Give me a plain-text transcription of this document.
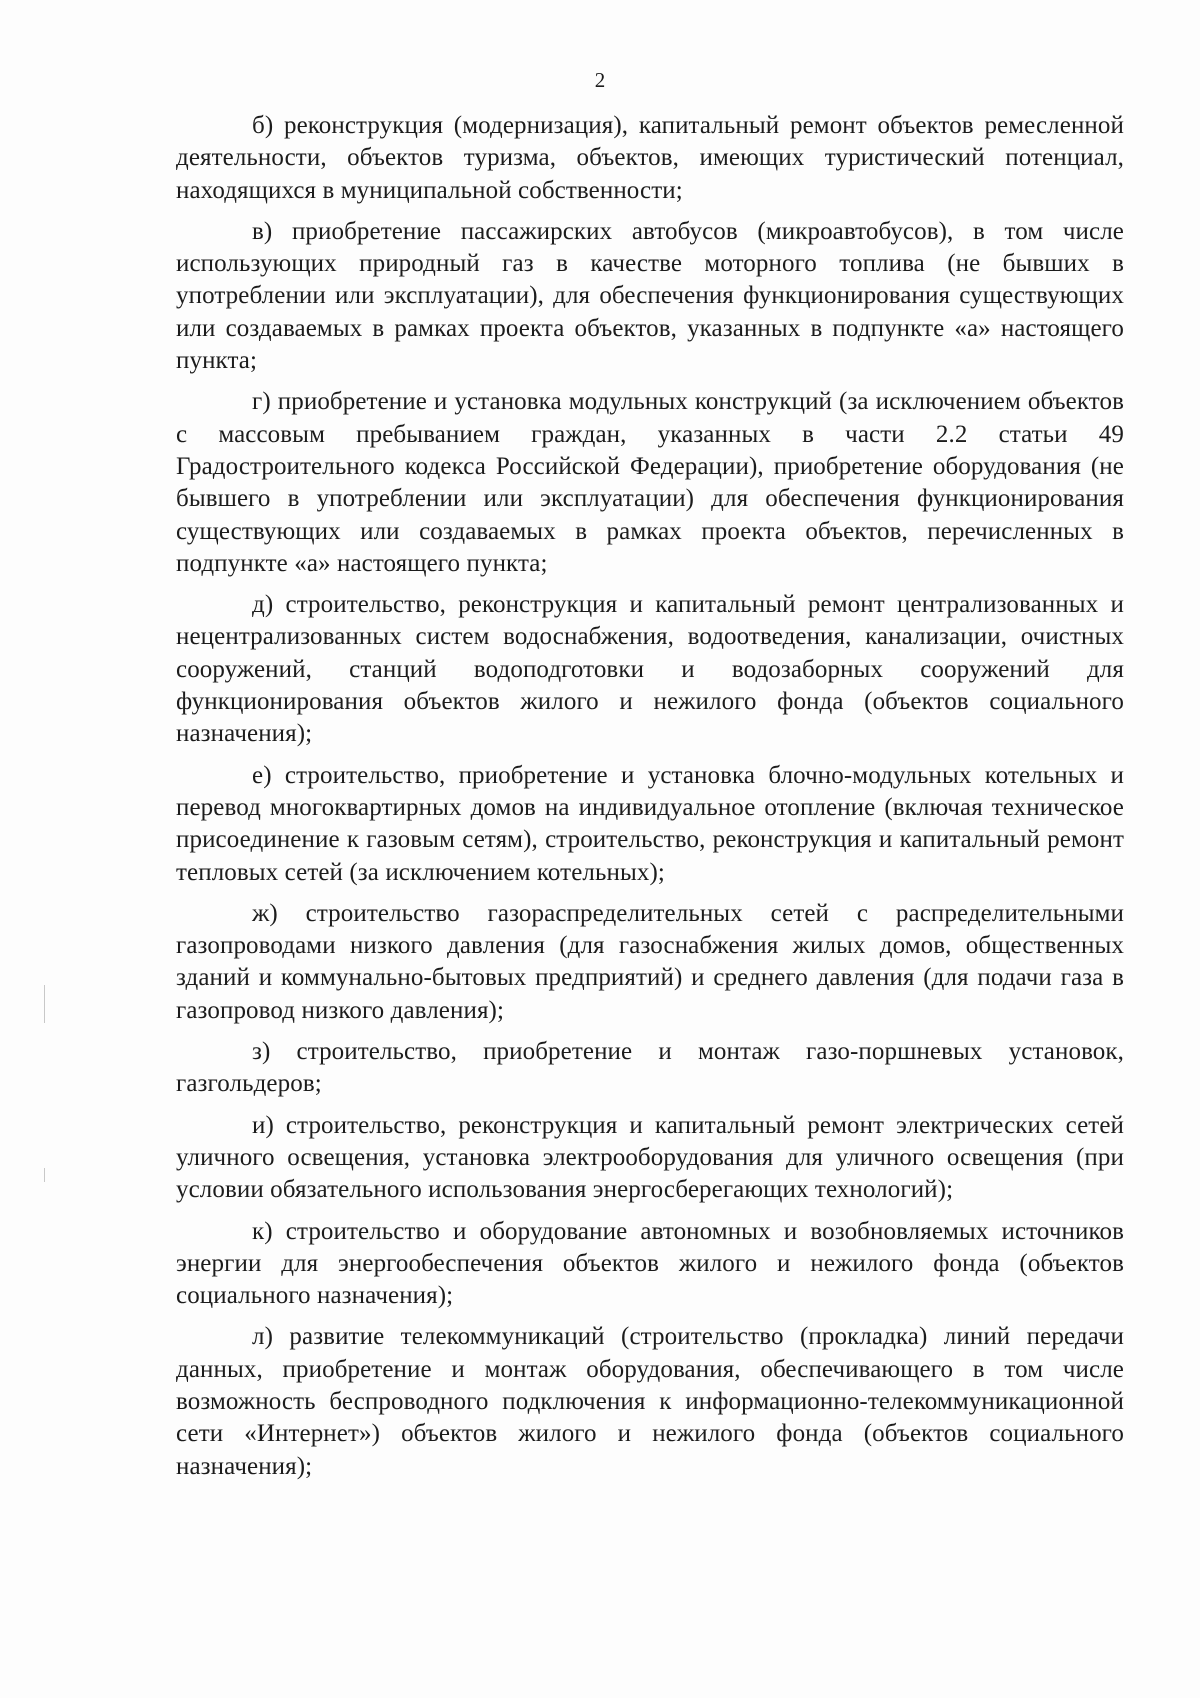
2

б) реконструкция (модернизация), капитальный ремонт объектов ремесленной деятельности, объектов туризма, объектов, имеющих туристический потенциал, находящихся в муниципальной собственности;

в) приобретение пассажирских автобусов (микроавтобусов), в том числе использующих природный газ в качестве моторного топлива (не бывших в употреблении или эксплуатации), для обеспечения функционирования существующих или создаваемых в рамках проекта объектов, указанных в подпункте «а» настоящего пункта;

г) приобретение и установка модульных конструкций (за исключением объектов с массовым пребыванием граждан, указанных в части 2.2 статьи 49 Градостроительного кодекса Российской Федерации), приобретение оборудования (не бывшего в употреблении или эксплуатации) для обеспечения функционирования существующих или создаваемых в рамках проекта объектов, перечисленных в подпункте «а» настоящего пункта;

д) строительство, реконструкция и капитальный ремонт централизованных и нецентрализованных систем водоснабжения, водоотведения, канализации, очистных сооружений, станций водоподготовки и водозаборных сооружений для функционирования объектов жилого и нежилого фонда (объектов социального назначения);

е) строительство, приобретение и установка блочно-модульных котельных и перевод многоквартирных домов на индивидуальное отопление (включая техническое присоединение к газовым сетям), строительство, реконструкция и капитальный ремонт тепловых сетей (за исключением котельных);

ж) строительство газораспределительных сетей с распределительными газопроводами низкого давления (для газоснабжения жилых домов, общественных зданий и коммунально-бытовых предприятий) и среднего давления (для подачи газа в газопровод низкого давления);

з) строительство, приобретение и монтаж газо-поршневых установок, газгольдеров;

и) строительство, реконструкция и капитальный ремонт электрических сетей уличного освещения, установка электрооборудования для уличного освещения (при условии обязательного использования энергосберегающих технологий);

к) строительство и оборудование автономных и возобновляемых источников энергии для энергообеспечения объектов жилого и нежилого фонда (объектов социального назначения);

л) развитие телекоммуникаций (строительство (прокладка) линий передачи данных, приобретение и монтаж оборудования, обеспечивающего в том числе возможность беспроводного подключения к информационно-телекоммуникационной сети «Интернет») объектов жилого и нежилого фонда (объектов социального назначения);
